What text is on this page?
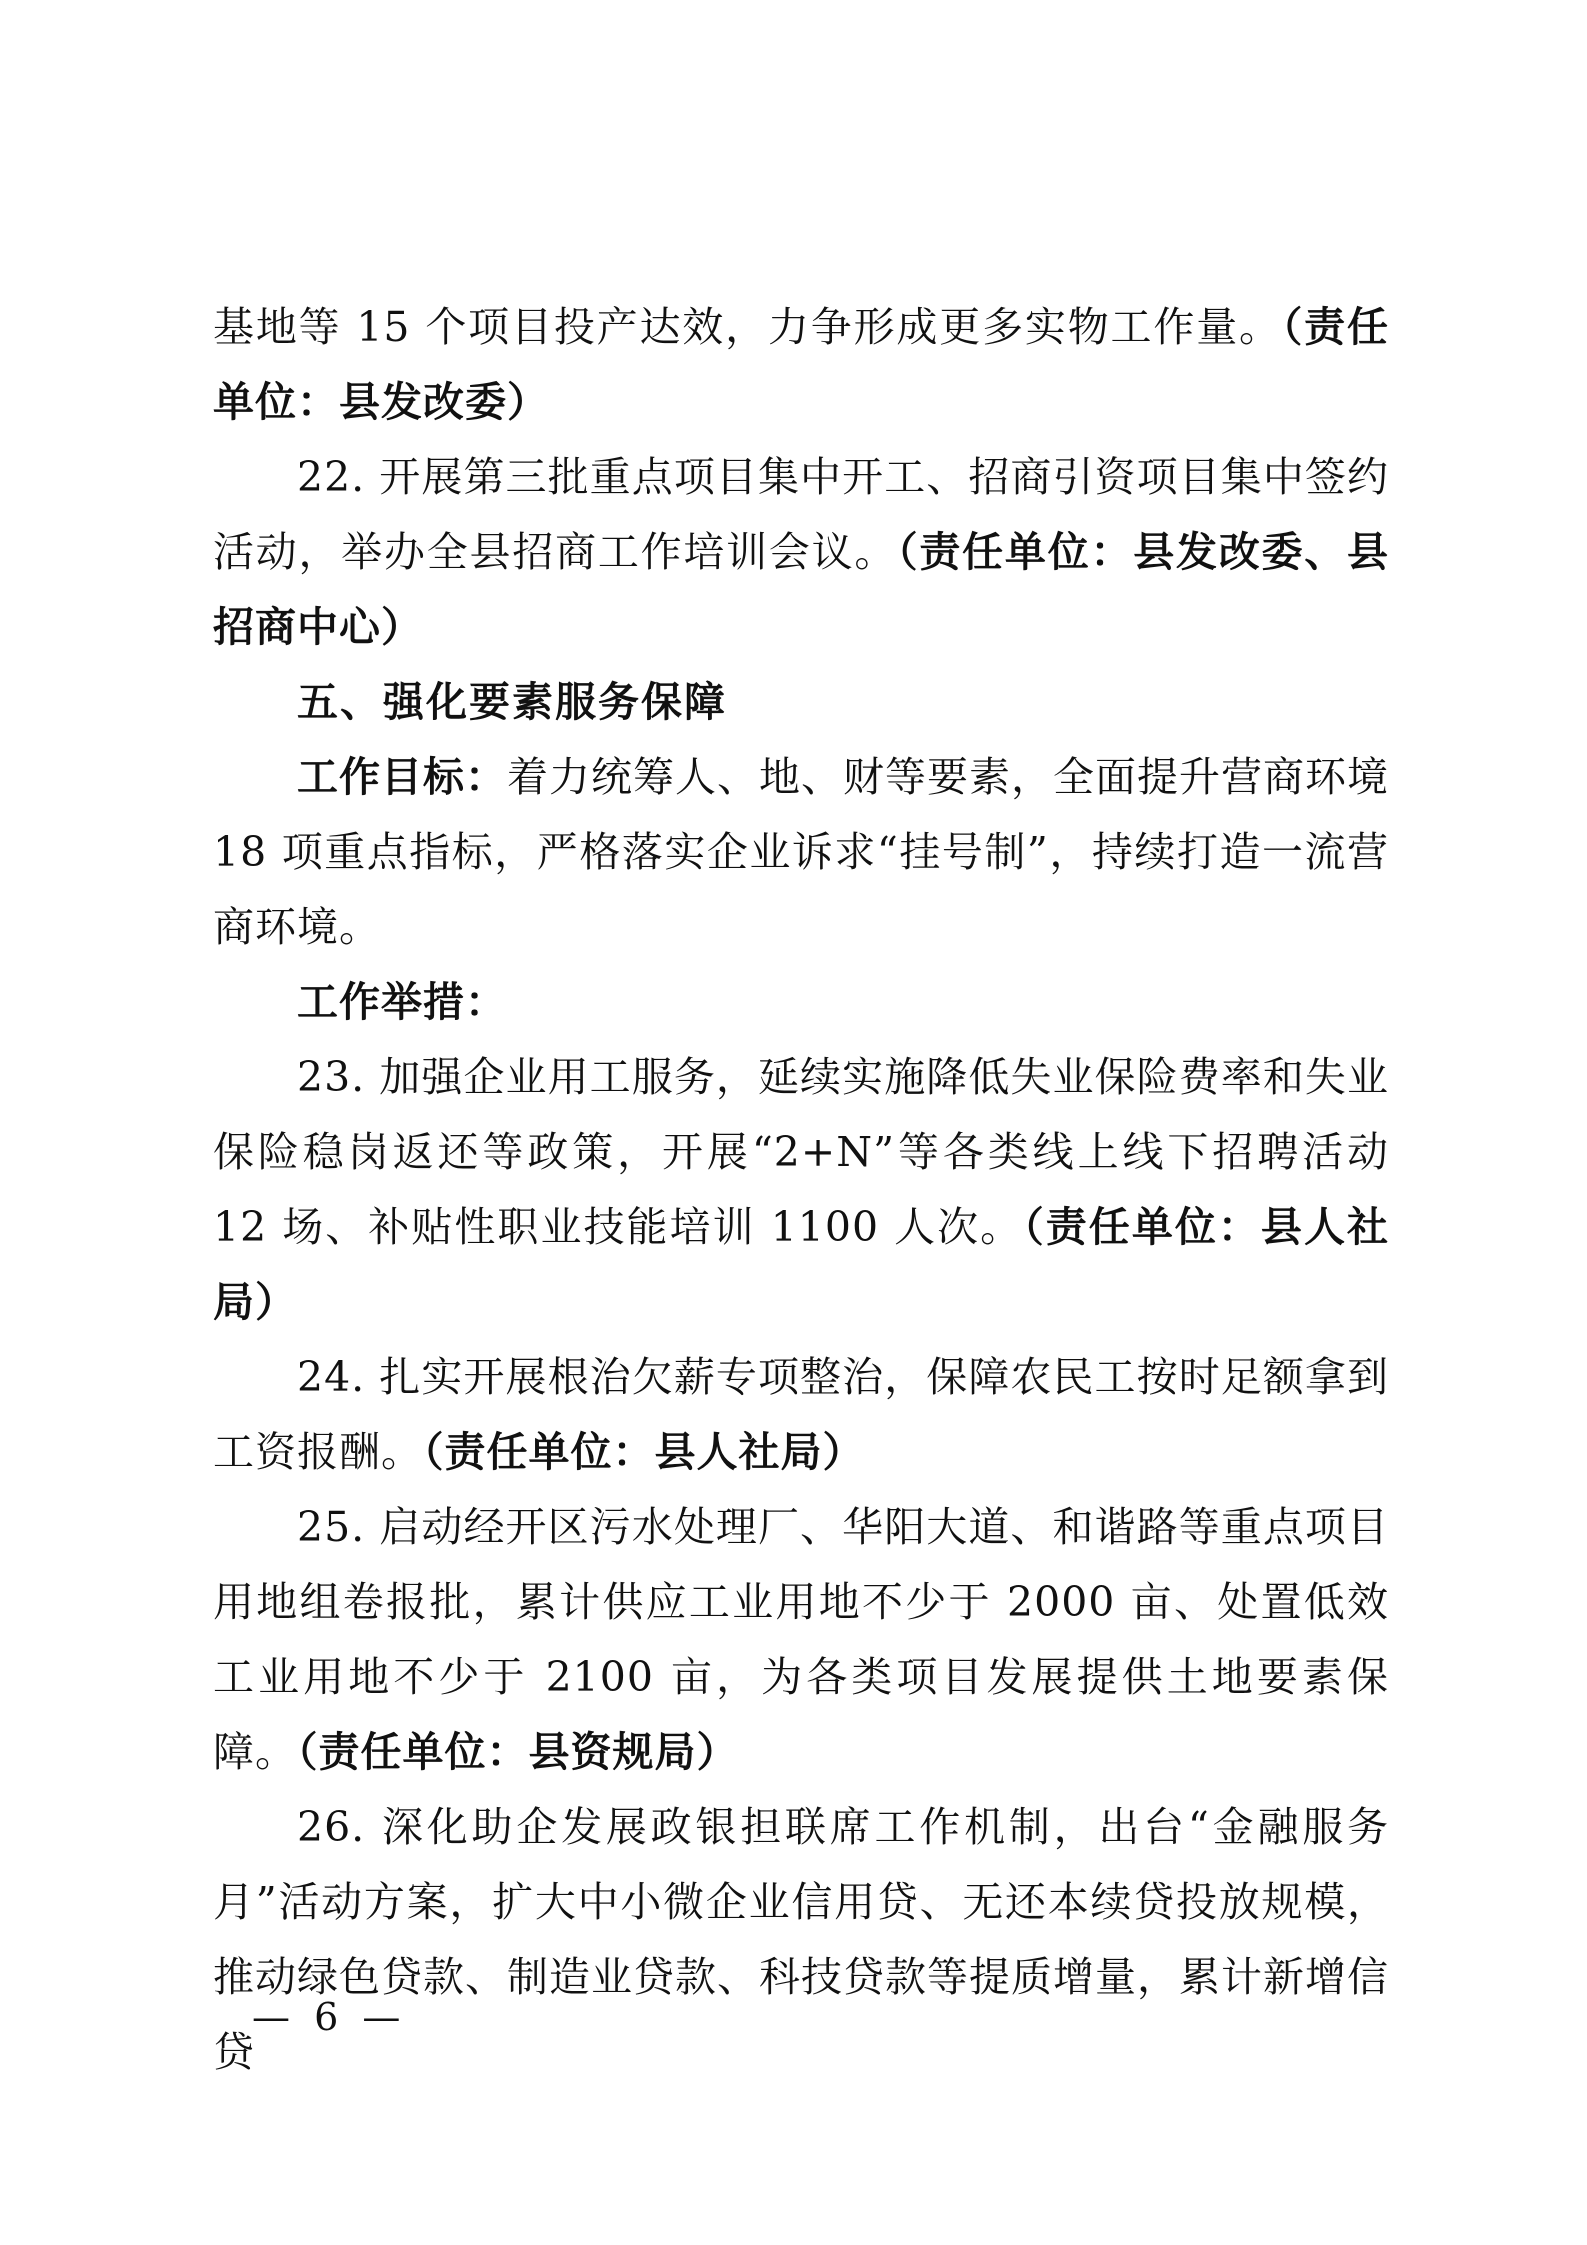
基地等 15 个项目投产达效，力争形成更多实物工作量。（责任单位：县发改委）

22. 开展第三批重点项目集中开工、招商引资项目集中签约活动，举办全县招商工作培训会议。（责任单位：县发改委、县招商中心）

五、强化要素服务保障

工作目标：着力统筹人、地、财等要素，全面提升营商环境 18 项重点指标，严格落实企业诉求“挂号制”，持续打造一流营商环境。

工作举措：

23. 加强企业用工服务，延续实施降低失业保险费率和失业保险稳岗返还等政策，开展“2+N”等各类线上线下招聘活动 12 场、补贴性职业技能培训 1100 人次。（责任单位：县人社局）

24. 扎实开展根治欠薪专项整治，保障农民工按时足额拿到工资报酬。（责任单位：县人社局）

25. 启动经开区污水处理厂、华阳大道、和谐路等重点项目用地组卷报批，累计供应工业用地不少于 2000 亩、处置低效工业用地不少于 2100 亩，为各类项目发展提供土地要素保障。（责任单位：县资规局）

26. 深化助企发展政银担联席工作机制，出台“金融服务月”活动方案，扩大中小微企业信用贷、无还本续贷投放规模，推动绿色贷款、制造业贷款、科技贷款等提质增量，累计新增信贷

— 6 —
